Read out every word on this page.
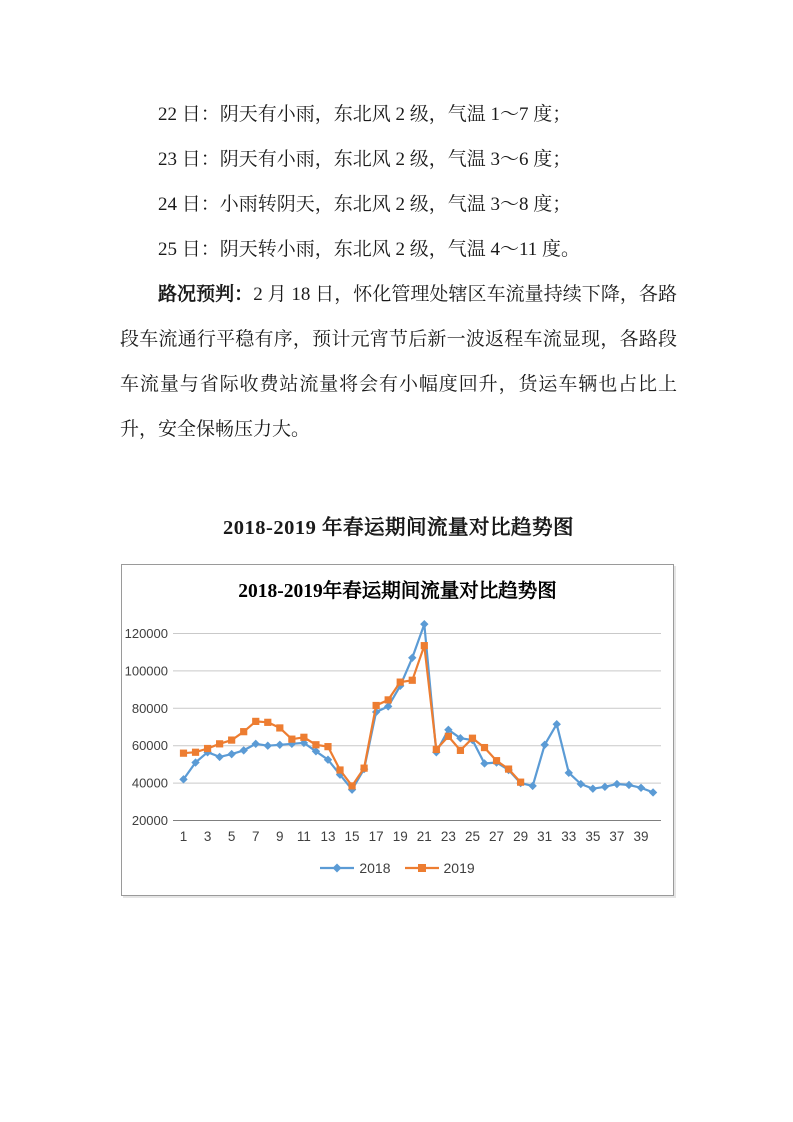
22 日：阴天有小雨，东北风 2 级，气温 1～7 度；

23 日：阴天有小雨，东北风 2 级，气温 3～6 度；

24 日：小雨转阴天，东北风 2 级，气温 3～8 度；

25 日：阴天转小雨，东北风 2 级，气温 4～11 度。

路况预判：2 月 18 日，怀化管理处辖区车流量持续下降，各路段车流通行平稳有序，预计元宵节后新一波返程车流显现，各路段车流量与省际收费站流量将会有小幅度回升，货运车辆也占比上升，安全保畅压力大。

2018-2019 年春运期间流量对比趋势图
2018-2019年春运期间流量对比趋势图
20000
40000
60000
80000
100000
120000
1 3 5 7 9 11 13 15 17 19 21 23 25 27 29 31 33 35 37 39
2018	2019
